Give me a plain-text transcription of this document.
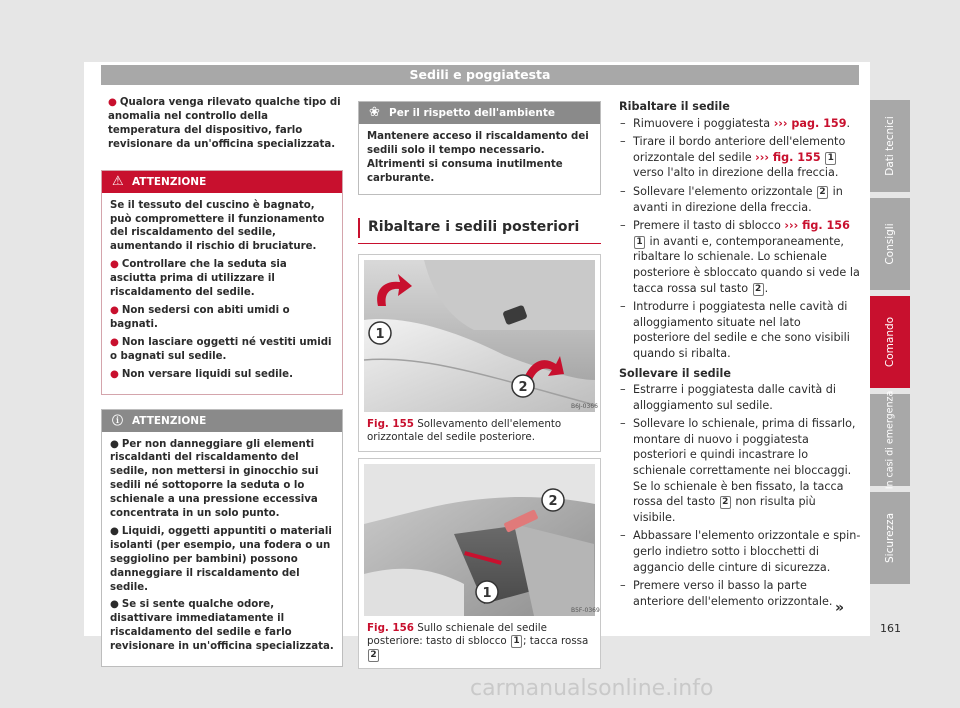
Sedili e poggiatesta
● Qualora venga rilevato qualche tipo di anomalia nel controllo della temperatura del dispositivo, farlo revisionare da un'officina specializzata.
⚠ ATTENZIONE
Se il tessuto del cuscino è bagnato, può compromettere il funzionamento del riscaldamento del sedile, aumentando il rischio di bruciature.
● Controllare che la seduta sia asciutta prima di utilizzare il riscaldamento del sedile.
● Non sedersi con abiti umidi o bagnati.
● Non lasciare oggetti né vestiti umidi o bagnati sul sedile.
● Non versare liquidi sul sedile.
ⓘ ATTENZIONE
● Per non danneggiare gli elementi riscaldanti del riscaldamento del sedile, non mettersi in ginocchio sui sedili né sottoporre la seduta o lo schienale a una pressione eccessiva concentrata in un solo punto.
● Liquidi, oggetti appuntiti o materiali isolanti (per esempio, una fodera o un seggiolino per bambini) possono danneggiare il riscaldamento del sedile.
● Se si sente qualche odore, disattivare immediatamente il riscaldamento del sedile e farlo revisionare in un'officina specializzata.
❀ Per il rispetto dell'ambiente
Mantenere acceso il riscaldamento dei sedili solo il tempo necessario. Altrimenti si consuma inutilmente carburante.
Ribaltare i sedili posteriori
1
2
B6J-0366
Fig. 155 Sollevamento dell'elemento orizzontale del sedile posteriore.
2
1
B5F-0369
Fig. 156 Sullo schienale del sedile posteriore: tasto di sblocco 1 ; tacca rossa 2
Ribaltare il sedile
– Rimuovere i poggiatesta ››› pag. 159.
– Tirare il bordo anteriore dell'elemento orizzontale del sedile ››› fig. 155 1 verso l'alto in direzione della freccia.
– Sollevare l'elemento orizzontale 2 in avanti in direzione della freccia.
– Premere il tasto di sblocco ››› fig. 156 1 in avanti e, contemporaneamente, ribaltare lo schienale. Lo schienale posteriore è sbloccato quando si vede la tacca rossa sul tasto 2 .
– Introdurre i poggiatesta nelle cavità di alloggiamento situate nel lato posteriore del sedile e che sono visibili quando si ribalta.
Sollevare il sedile
– Estrarre i poggiatesta dalle cavità di alloggiamento sul sedile.
– Sollevare lo schienale, prima di fissarlo, montare di nuovo i poggiatesta posteriori e quindi incastrare lo schienale correttamente nei bloccaggi. Se lo schienale è ben fissato, la tacca rossa del tasto 2 non risulta più visibile.
– Abbassare l'elemento orizzontale e spingerlo indietro sotto i blocchetti di aggancio delle cinture di sicurezza.
– Premere verso il basso la parte anteriore dell'elemento orizzontale. »
Dati tecnici
Consigli
Comando
In casi di emergenza
Sicurezza
161
carmanualsonline.info
